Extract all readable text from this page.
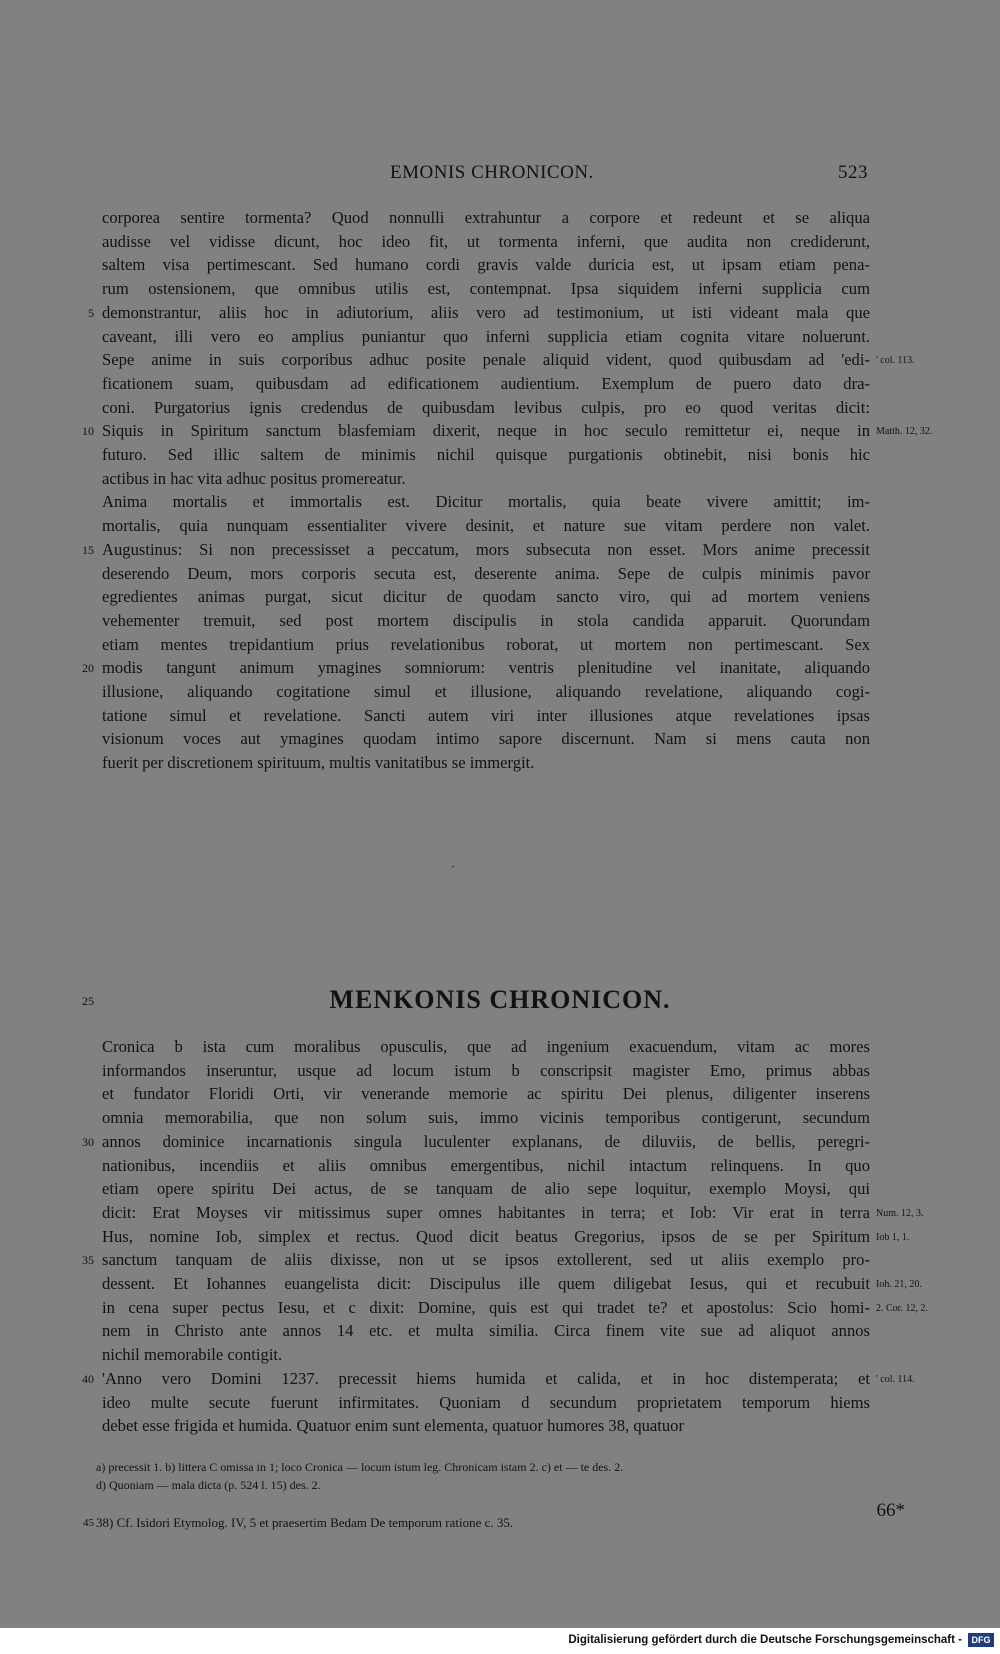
EMONIS CHRONICON.	523
corporea sentire tormenta? Quod nonnulli extrahuntur a corpore et redeunt et se aliqua
audisse vel vidisse dicunt, hoc ideo fit, ut tormenta inferni, que audita non crediderunt,
saltem visa pertimescant. Sed humano cordi gravis valde duricia est, ut ipsam etiam pena-
rum ostensionem, que omnibus utilis est, contempnat. Ipsa siquidem inferni supplicia cum
demonstrantur, aliis hoc in adiutorium, aliis vero ad testimonium, ut isti videant mala que
5
caveant, illi vero eo amplius puniantur quo inferni supplicia etiam cognita vitare noluerunt.
Sepe anime in suis corporibus adhuc posite penale aliquid vident, quod quibusdam ad 'edi- ' col. 113.
ficationem suam, quibusdam ad edificationem audientium. Exemplum de puero dato dra-
coni. Purgatorius ignis credendus de quibusdam levibus culpis, pro eo quod veritas dicit:
Siquis in Spiritum sanctum blasfemiam dixerit, neque in hoc seculo remittetur ei, neque in
10	Matth. 12, 32.
futuro. Sed illic saltem de minimis nichil quisque purgationis obtinebit, nisi bonis hic
actibus in hac vita adhuc positus promereatur.
Anima mortalis et immortalis est. Dicitur mortalis, quia beate vivere amittit; im-
mortalis, quia nunquam essentialiter vivere desinit, et nature sue vitam perdere non valet.
Augustinus: Si non precessisset a peccatum, mors subsecuta non esset. Mors anime precessit
15
deserendo Deum, mors corporis secuta est, deserente anima. Sepe de culpis minimis pavor
egredientes animas purgat, sicut dicitur de quodam sancto viro, qui ad mortem veniens
vehementer tremuit, sed post mortem discipulis in stola candida apparuit. Quorundam
etiam mentes trepidantium prius revelationibus roborat, ut mortem non pertimescant. Sex
modis tangunt animum ymagines somniorum: ventris plenitudine vel inanitate, aliquando
20
illusione, aliquando cogitatione simul et illusione, aliquando revelatione, aliquando cogi-
tatione simul et revelatione. Sancti autem viri inter illusiones atque revelationes ipsas
visionum voces aut ymagines quodam intimo sapore discernunt. Nam si mens cauta non
fuerit per discretionem spirituum, multis vanitatibus se immergit.
25	MENKONIS CHRONICON.
Cronica b ista cum moralibus opusculis, que ad ingenium exacuendum, vitam ac mores
informandos inseruntur, usque ad locum istum b conscripsit magister Emo, primus abbas
et fundator Floridi Orti, vir venerande memorie ac spiritu Dei plenus, diligenter inserens
omnia memorabilia, que non solum suis, immo vicinis temporibus contigerunt, secundum
annos dominice incarnationis singula luculenter explanans, de diluviis, de bellis, peregri-
30
nationibus, incendiis et aliis omnibus emergentibus, nichil intactum relinquens. In quo
etiam opere spiritu Dei actus, de se tanquam de alio sepe loquitur, exemplo Moysi, qui
dicit: Erat Moyses vir mitissimus super omnes habitantes in terra; et Iob: Vir erat in terra Num. 12, 3.
Hus, nomine Iob, simplex et rectus. Quod dicit beatus Gregorius, ipsos de se per Spiritum Iob 1, 1.
sanctum tanquam de aliis dixisse, non ut se ipsos extollerent, sed ut aliis exemplo pro-
35
dessent. Et Iohannes euangelista dicit: Discipulus ille quem diligebat Iesus, qui et recubuit Ioh. 21, 20.
in cena super pectus Iesu, et c dixit: Domine, quis est qui tradet te? et apostolus: Scio homi- 2. Cor. 12, 2.
nem in Christo ante annos 14 etc. et multa similia. Circa finem vite sue ad aliquot annos
nichil memorabile contigit.
'Anno vero Domini 1237. precessit hiems humida et calida, et in hoc distemperata; et
40	' col. 114.
ideo multe secute fuerunt infirmitates. Quoniam d secundum proprietatem temporum hiems
debet esse frigida et humida. Quatuor enim sunt elementa, quatuor humores 38, quatuor
a) precessit 1. b) littera C omissa in 1; loco Cronica — locum istum leg. Chronicam istam 2. c) et — te des. 2.
d) Quoniam — mala dicta (p. 524 l. 15) des. 2.
45 38) Cf. Isidori Etymolog. IV, 5 et praesertim Bedam De temporum ratione c. 35.
66*
Digitalisierung gefördert durch die Deutsche Forschungsgemeinschaft -	DFG
